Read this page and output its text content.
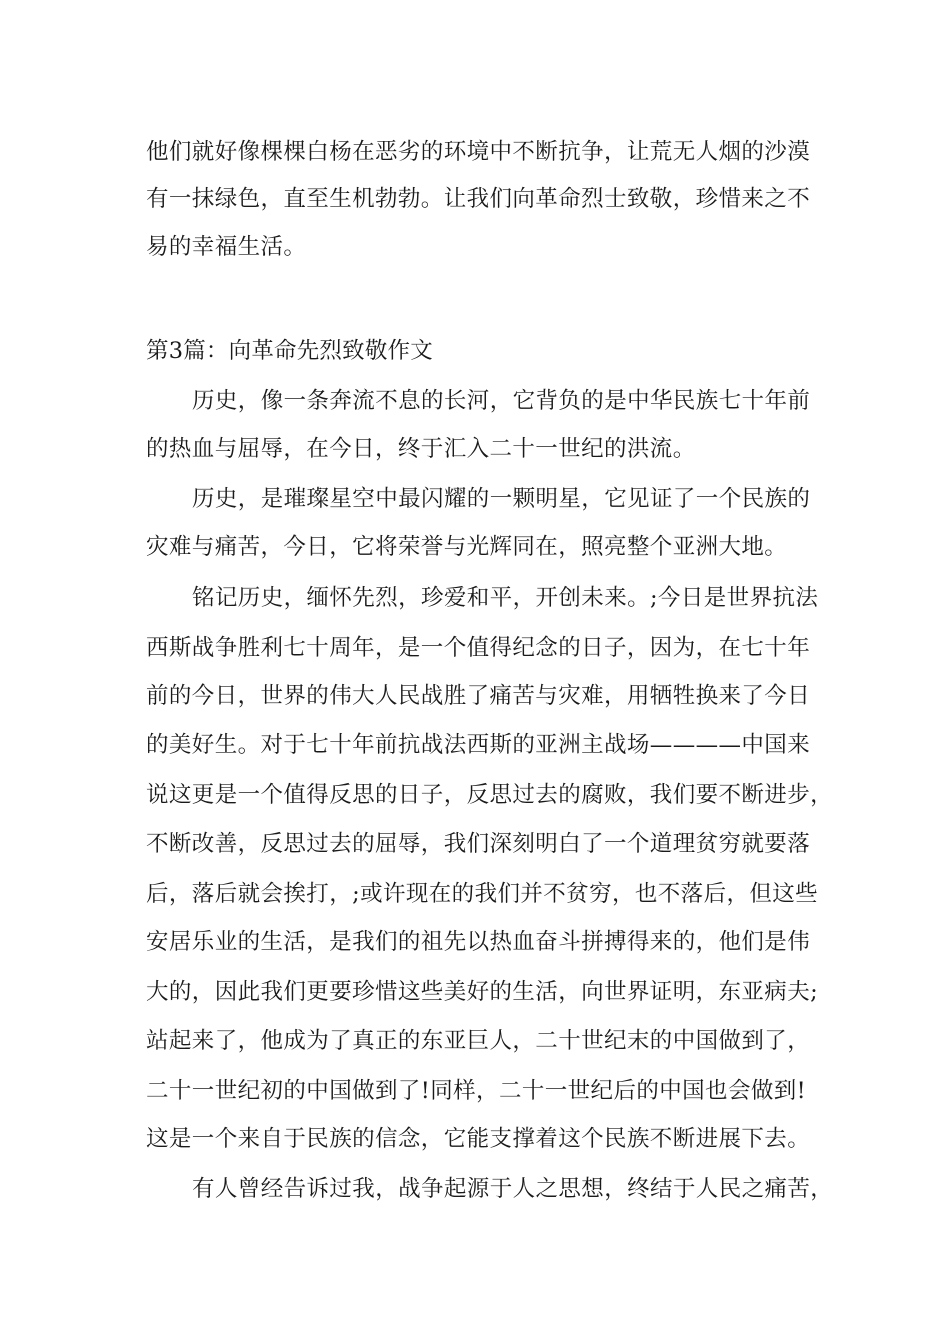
他们就好像棵棵白杨在恶劣的环境中不断抗争，让荒无人烟的沙漠
有一抹绿色，直至生机勃勃。让我们向革命烈士致敬，珍惜来之不
易的幸福生活。
第3篇：向革命先烈致敬作文
历史，像一条奔流不息的长河，它背负的是中华民族七十年前
的热血与屈辱，在今日，终于汇入二十一世纪的洪流。
历史，是璀璨星空中最闪耀的一颗明星，它见证了一个民族的
灾难与痛苦，今日，它将荣誉与光辉同在，照亮整个亚洲大地。
铭记历史，缅怀先烈，珍爱和平，开创未来。;今日是世界抗法
西斯战争胜利七十周年，是一个值得纪念的日子，因为，在七十年
前的今日，世界的伟大人民战胜了痛苦与灾难，用牺牲换来了今日
的美好生。对于七十年前抗战法西斯的亚洲主战场————中国来
说这更是一个值得反思的日子，反思过去的腐败，我们要不断进步，
不断改善，反思过去的屈辱，我们深刻明白了一个道理贫穷就要落
后，落后就会挨打，;或许现在的我们并不贫穷，也不落后，但这些
安居乐业的生活，是我们的祖先以热血奋斗拼搏得来的，他们是伟
大的，因此我们更要珍惜这些美好的生活，向世界证明，东亚病夫;
站起来了，他成为了真正的东亚巨人，二十世纪末的中国做到了，
二十一世纪初的中国做到了!同样，二十一世纪后的中国也会做到!
这是一个来自于民族的信念，它能支撑着这个民族不断进展下去。
有人曾经告诉过我，战争起源于人之思想，终结于人民之痛苦，
